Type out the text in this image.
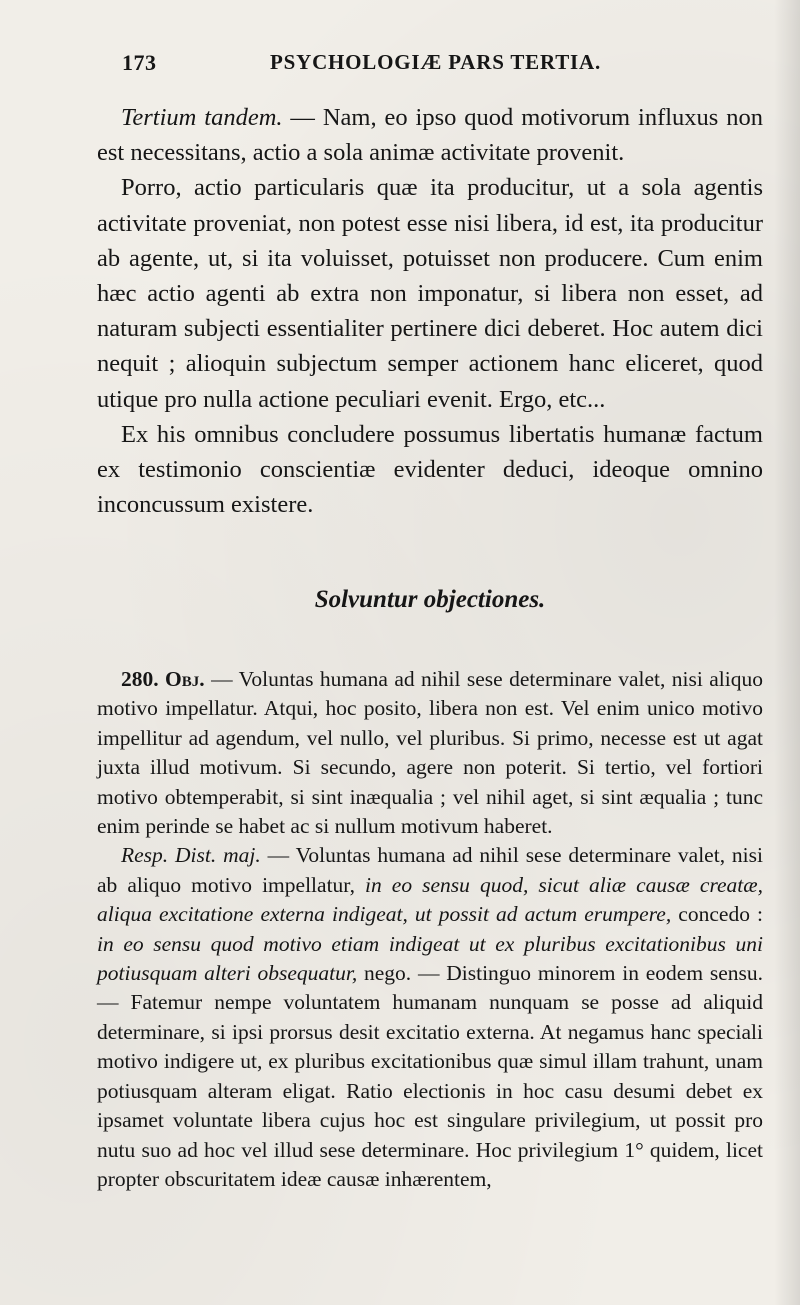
173	PSYCHOLOGIÆ PARS TERTIA.

Tertium tandem. — Nam, eo ipso quod motivorum influxus non est necessitans, actio a sola animæ activitate provenit.

Porro, actio particularis quæ ita producitur, ut a sola agentis activitate proveniat, non potest esse nisi libera, id est, ita producitur ab agente, ut, si ita voluisset, potuisset non producere. Cum enim hæc actio agenti ab extra non imponatur, si libera non esset, ad naturam subjecti essentialiter pertinere dici deberet. Hoc autem dici nequit ; alioquin subjectum semper actionem hanc eliceret, quod utique pro nulla actione peculiari evenit. Ergo, etc...

Ex his omnibus concludere possumus libertatis humanæ factum ex testimonio conscientiæ evidenter deduci, ideoque omnino inconcussum existere.

Solvuntur objectiones.

280. Obj. — Voluntas humana ad nihil sese determinare valet, nisi aliquo motivo impellatur. Atqui, hoc posito, libera non est. Vel enim unico motivo impellitur ad agendum, vel nullo, vel pluribus. Si primo, necesse est ut agat juxta illud motivum. Si secundo, agere non poterit. Si tertio, vel fortiori motivo obtemperabit, si sint inæqualia ; vel nihil aget, si sint æqualia ; tunc enim perinde se habet ac si nullum motivum haberet.

Resp. Dist. maj. — Voluntas humana ad nihil sese determinare valet, nisi ab aliquo motivo impellatur, in eo sensu quod, sicut aliæ causæ creatæ, aliqua excitatione externa indigeat, ut possit ad actum erumpere, concedo : in eo sensu quod motivo etiam indigeat ut ex pluribus excitationibus uni potiusquam alteri obsequatur, nego. — Distinguo minorem in eodem sensu. — Fatemur nempe voluntatem humanam nunquam se posse ad aliquid determinare, si ipsi prorsus desit excitatio externa. At negamus hanc speciali motivo indigere ut, ex pluribus excitationibus quæ simul illam trahunt, unam potiusquam alteram eligat. Ratio electionis in hoc casu desumi debet ex ipsamet voluntate libera cujus hoc est singulare privilegium, ut possit pro nutu suo ad hoc vel illud sese determinare. Hoc privilegium 1° quidem, licet propter obscuritatem ideæ causæ inhærentem,
